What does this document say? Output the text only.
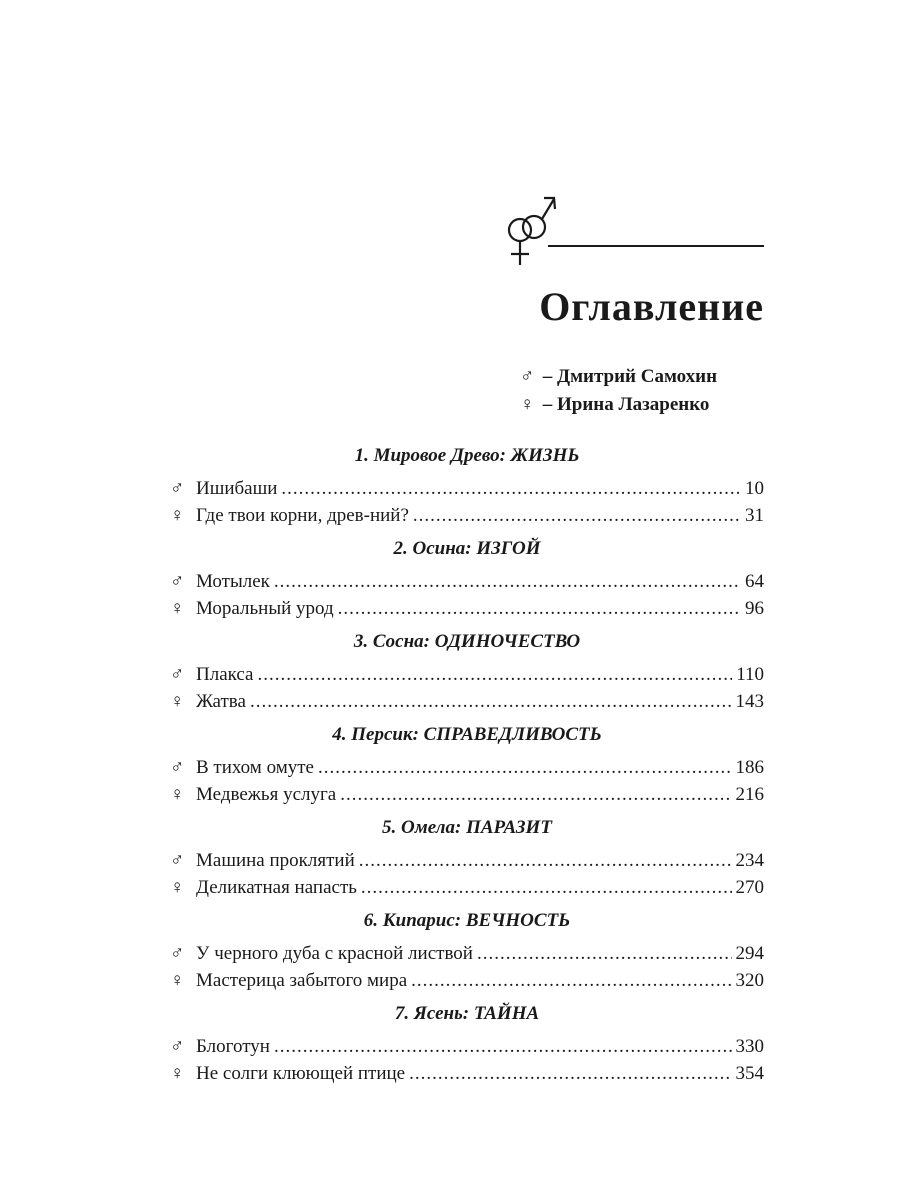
Оглавление
♂ – Дмитрий Самохин
♀ – Ирина Лазаренко
1. Мировое Древо: ЖИЗНЬ
♂ Ишибаши .....	10
♀ Где твои корни, древ-ний? .....	31
2. Осина: ИЗГОЙ
♂ Мотылек .....	64
♀ Моральный урод .....	96
3. Сосна: ОДИНОЧЕСТВО
♂ Плакса .....	110
♀ Жатва .....	143
4. Персик: СПРАВЕДЛИВОСТЬ
♂ В тихом омуте .....	186
♀ Медвежья услуга .....	216
5. Омела: ПАРАЗИТ
♂ Машина проклятий .....	234
♀ Деликатная напасть .....	270
6. Кипарис: ВЕЧНОСТЬ
♂ У черного дуба с красной листвой .....	294
♀ Мастерица забытого мира .....	320
7. Ясень: ТАЙНА
♂ Блоготун .....	330
♀ Не солги клюющей птице .....	354
